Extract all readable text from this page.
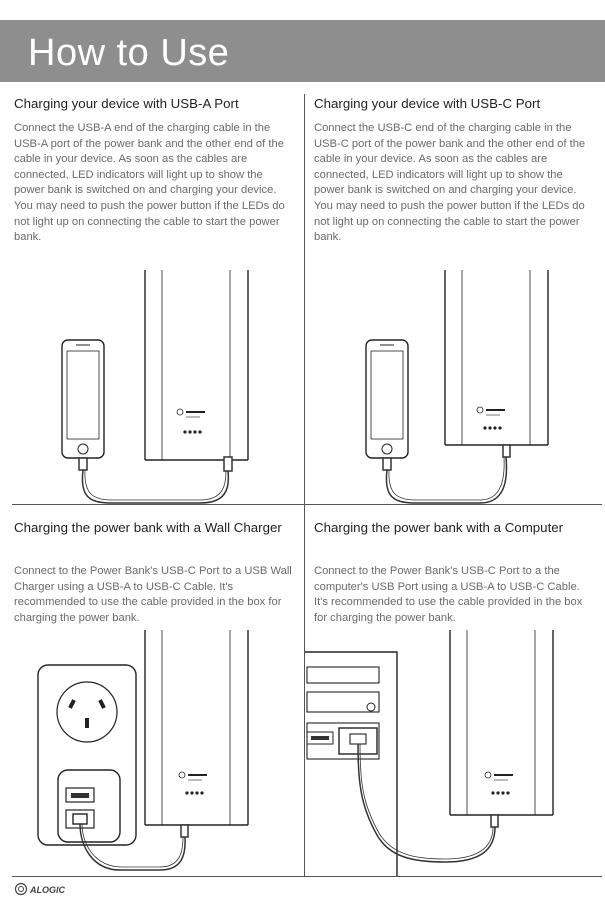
How to Use

Charging your device with USB-A Port

Connect the USB-A end of the charging cable in the USB-A port of the power bank and the other end of the cable in your device. As soon as the cables are connected, LED indicators will light up to show the power bank is switched on and charging your device. You may need to push the power button if the LEDs do not light up on connecting the cable to start the power bank.

Charging your device with USB-C Port

Connect the USB-C end of the charging cable in the USB-C port of the power bank and the other end of the cable in your device. As soon as the cables are connected, LED indicators will light up to show the power bank is switched on and charging your device. You may need to push the power button if the LEDs do not light up on connecting the cable to start the power bank.

Charging the power bank with a Wall Charger

Connect to the Power Bank's USB-C Port to a USB Wall Charger using a USB-A to USB-C Cable. It's recommended to use the cable provided in the box for charging the power bank.

Charging the power bank with a Computer

Connect to the Power Bank's USB-C Port to a the computer's USB Port using a USB-A to USB-C Cable. It's recommended to use the cable provided in the box for charging the power bank.

ALOGIC
